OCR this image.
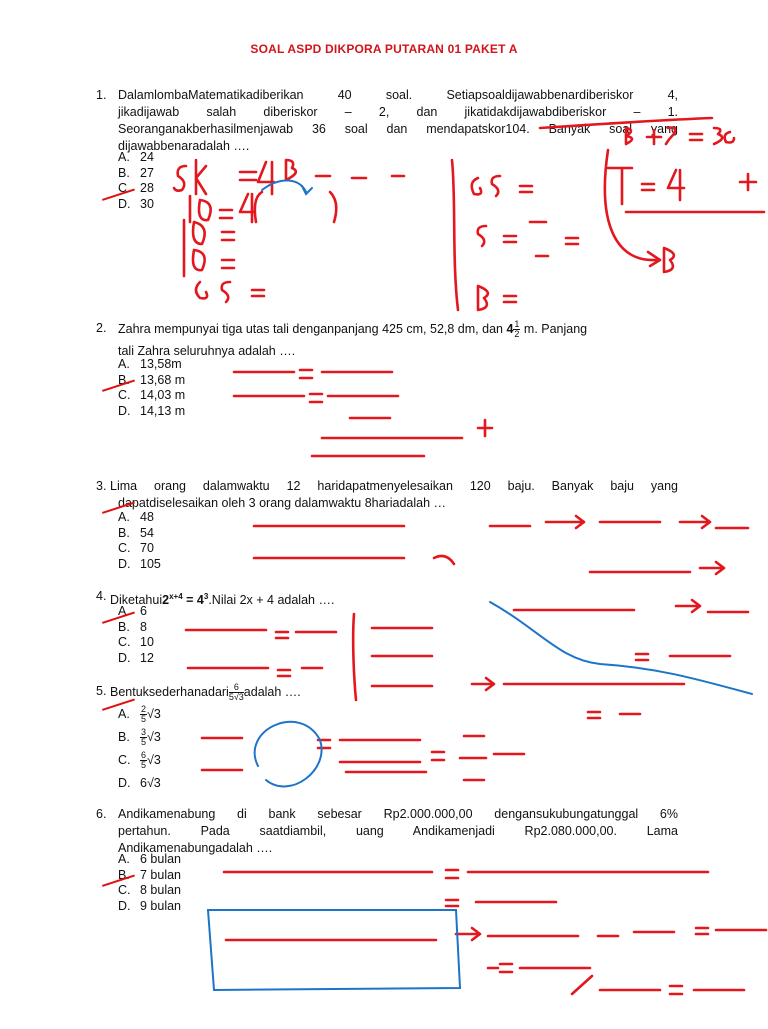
SOAL ASPD DIKPORA PUTARAN 01 PAKET A
1. DalamlombaMatematikadiberikan 40 soal. Setiapsoaldijawabbenardiberiskor 4,
jikadijawab salah diberiskor – 2, dan jikatidakdijawabdiberiskor – 1.
Seoranganakberhasilmenjawab 36 soal dan mendapatskor104. Banyak soal yang
dijawabbenaradalah ….
A. 24
B. 27
C. 28
D. 30
2. Zahra mempunyai tiga utas tali denganpanjang 425 cm, 52,8 dm, dan $4 \frac{1}{2} m$. Panjang
tali Zahra seluruhnya adalah ….
A. 13,58m
B. 13,68 m
C. 14,03 m
D. 14,13 m
3. Lima orang dalamwaktu 12 haridapatmenyelesaikan 120 baju. Banyak baju yang
dapatdiselesaikan oleh 3 orang dalamwaktu 8hariadalah …
A. 48
B. 54
C. 70
D. 105
4. $Diketahui2^{x+4}$ = $4^3.Nilai$ 2x + 4 adalah ….
A. 6
B. 8
C. 10
D. 12
5. Bentuksederhanadari $\frac{6}{5√3}$ adalah ….
A. $\frac{2}{5} √3$
B. $\frac{3}{5} √3$
C. $\frac{6}{5} √3$
D. 6√3
6. Andikamenabung di bank sebesar Rp2.000.000,00 dengansukubungatunggal 6%
pertahun. Pada saatdiambil, uang Andikamenjadi Rp2.080.000,00. Lama
Andikamenabungadalah ….
A. 6 bulan
B. 7 bulan
C. 8 bulan
D. 9 bulan
